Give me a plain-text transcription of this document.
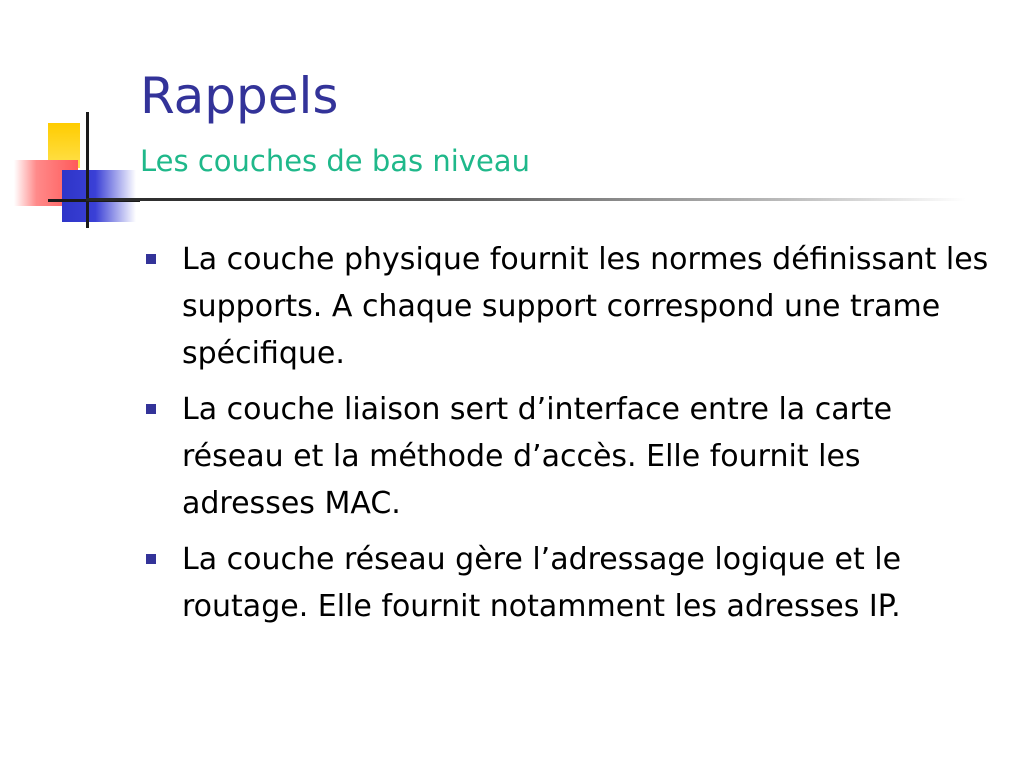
Rappels
Les couches de bas niveau
La couche physique fournit les normes définissant les supports. A chaque support correspond une trame spécifique.
La couche liaison sert d’interface entre la carte réseau et la méthode d’accès. Elle fournit les adresses MAC.
La couche réseau gère l’adressage logique et le routage. Elle fournit notamment les adresses IP.
